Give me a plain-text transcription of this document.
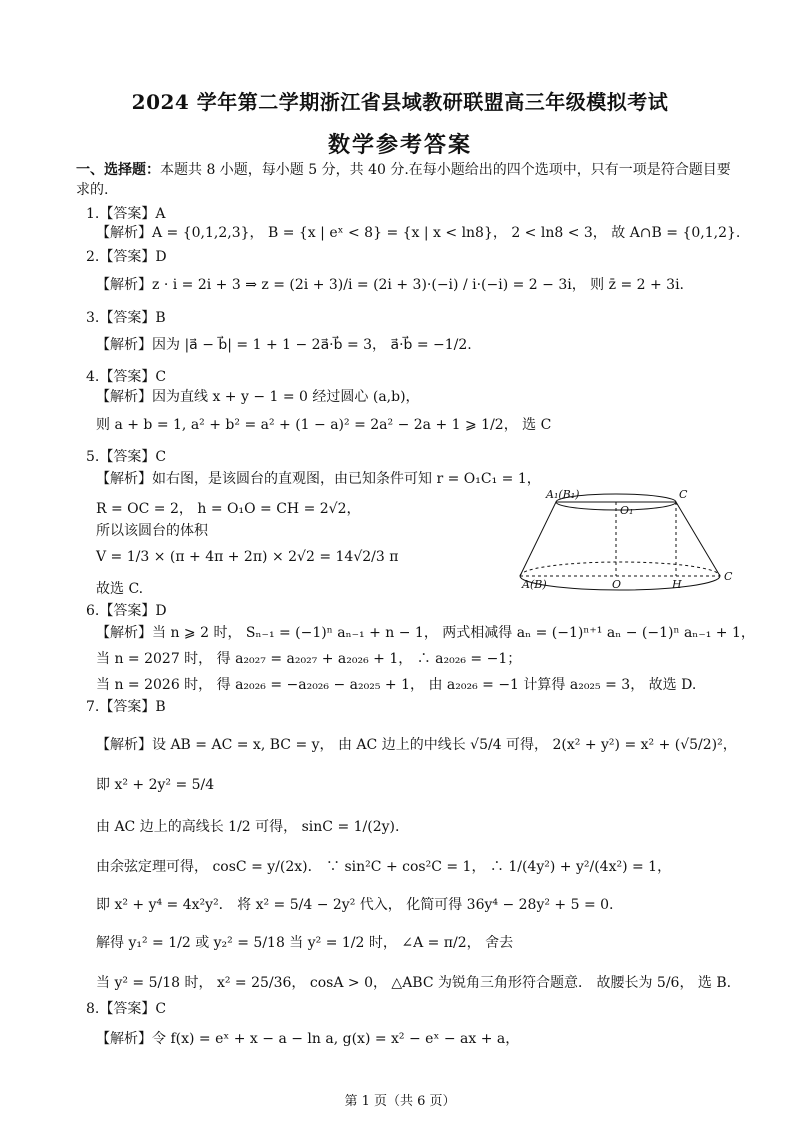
2024 学年第二学期浙江省县域教研联盟高三年级模拟考试
数学参考答案
一、选择题：本题共 8 小题，每小题 5 分，共 40 分.在每小题给出的四个选项中，只有一项是符合题目要求的.
1.【答案】A
【解析】A = {0,1,2,3}， B = {x | eˣ < 8} = {x | x < ln8}， 2 < ln8 < 3， 故 A∩B = {0,1,2}.
2.【答案】D
【解析】z · i = 2i + 3 ⇒ z = (2i + 3)/i = (2i + 3)·(−i) / i·(−i) = 2 − 3i， 则 z̄ = 2 + 3i.
3.【答案】B
【解析】因为 |a⃗ − b⃗| = 1 + 1 − 2a⃗·b⃗ = 3， a⃗·b⃗ = −1/2.
4.【答案】C
【解析】因为直线 x + y − 1 = 0 经过圆心 (a,b)，
则 a + b = 1, a² + b² = a² + (1 − a)² = 2a² − 2a + 1 ⩾ 1/2， 选 C
5.【答案】C
【解析】如右图，是该圆台的直观图，由已知条件可知 r = O₁C₁ = 1，
R = OC = 2， h = O₁O = CH = 2√2，
所以该圆台的体积
V = 1/3 × (π + 4π + 2π) × 2√2 = 14√2/3 π
故选 C.
6.【答案】D
【解析】当 n ⩾ 2 时， Sₙ₋₁ = (−1)ⁿ aₙ₋₁ + n − 1， 两式相减得 aₙ = (−1)ⁿ⁺¹ aₙ − (−1)ⁿ aₙ₋₁ + 1，
当 n = 2027 时， 得 a₂₀₂₇ = a₂₀₂₇ + a₂₀₂₆ + 1， ∴ a₂₀₂₆ = −1；
当 n = 2026 时， 得 a₂₀₂₆ = −a₂₀₂₆ − a₂₀₂₅ + 1， 由 a₂₀₂₆ = −1 计算得 a₂₀₂₅ = 3， 故选 D.
7.【答案】B
【解析】设 AB = AC = x, BC = y， 由 AC 边上的中线长 √5/4 可得， 2(x² + y²) = x² + (√5/2)²，
即 x² + 2y² = 5/4
由 AC 边上的高线长 1/2 可得， sinC = 1/(2y).
由余弦定理可得， cosC = y/(2x)． ∵ sin²C + cos²C = 1， ∴ 1/(4y²) + y²/(4x²) = 1，
即 x² + y⁴ = 4x²y²． 将 x² = 5/4 − 2y² 代入， 化简可得 36y⁴ − 28y² + 5 = 0.
解得 y₁² = 1/2 或 y₂² = 5/18 当 y² = 1/2 时， ∠A = π/2， 舍去
当 y² = 5/18 时， x² = 25/36， cosA > 0， △ABC 为锐角三角形符合题意． 故腰长为 5/6， 选 B.
8.【答案】C
【解析】令 f(x) = eˣ + x − a − ln a, g(x) = x² − eˣ − ax + a，
A₁(B₁)
O₁
C
A(B)	O	H
C
第 1 页（共 6 页）
